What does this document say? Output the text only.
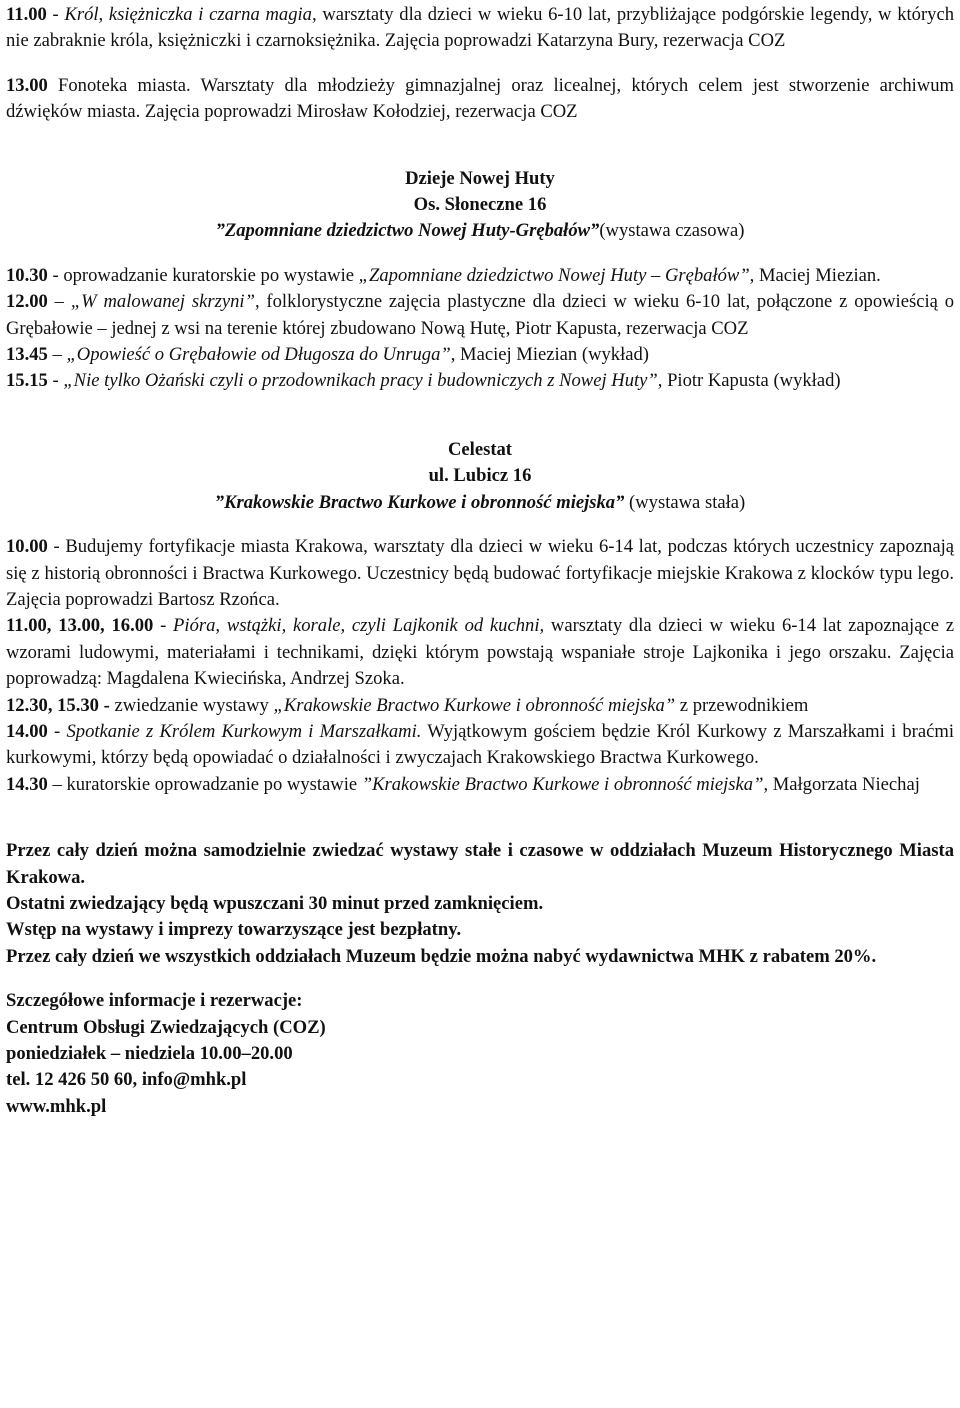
11.00 - Król, księżniczka i czarna magia, warsztaty dla dzieci w wieku 6-10 lat, przybliżające podgórskie legendy, w których nie zabraknie króla, księżniczki i czarnoksiężnika. Zajęcia poprowadzi Katarzyna Bury, rezerwacja COZ

13.00 Fonoteka miasta. Warsztaty dla młodzieży gimnazjalnej oraz licealnej, których celem jest stworzenie archiwum dźwięków miasta. Zajęcia poprowadzi Mirosław Kołodziej, rezerwacja COZ

Dzieje Nowej Huty

Os. Słoneczne 16

”Zapomniane dziedzictwo Nowej Huty-Grębałów”(wystawa czasowa)

10.30 - oprowadzanie kuratorskie po wystawie „Zapomniane dziedzictwo Nowej Huty – Grębałów”, Maciej Miezian.

12.00 – „W malowanej skrzyni”, folklorystyczne zajęcia plastyczne dla dzieci w wieku 6-10 lat, połączone z opowieścią o Grębałowie – jednej z wsi na terenie której zbudowano Nową Hutę, Piotr Kapusta, rezerwacja COZ

13.45 – „Opowieść o Grębałowie od Długosza do Unruga”, Maciej Miezian (wykład)

15.15 - „Nie tylko Ożański czyli o przodownikach pracy i budowniczych z Nowej Huty”, Piotr Kapusta (wykład)

Celestat

ul. Lubicz 16

”Krakowskie Bractwo Kurkowe i obronność miejska” (wystawa stała)

10.00 - Budujemy fortyfikacje miasta Krakowa, warsztaty dla dzieci w wieku 6-14 lat, podczas których uczestnicy zapoznają się z historią obronności i Bractwa Kurkowego. Uczestnicy będą budować fortyfikacje miejskie Krakowa z klocków typu lego. Zajęcia poprowadzi Bartosz Rzońca.

11.00, 13.00, 16.00 - Pióra, wstążki, korale, czyli Lajkonik od kuchni, warsztaty dla dzieci w wieku 6-14 lat zapoznające z wzorami ludowymi, materiałami i technikami, dzięki którym powstają wspaniałe stroje Lajkonika i jego orszaku. Zajęcia poprowadzą: Magdalena Kwiecińska, Andrzej Szoka.

12.30, 15.30 - zwiedzanie wystawy „Krakowskie Bractwo Kurkowe i obronność miejska” z przewodnikiem

14.00 - Spotkanie z Królem Kurkowym i Marszałkami. Wyjątkowym gościem będzie Król Kurkowy z Marszałkami i braćmi kurkowymi, którzy będą opowiadać o działalności i zwyczajach Krakowskiego Bractwa Kurkowego.

14.30 – kuratorskie oprowadzanie po wystawie ”Krakowskie Bractwo Kurkowe i obronność miejska”, Małgorzata Niechaj

Przez cały dzień można samodzielnie zwiedzać wystawy stałe i czasowe w oddziałach Muzeum Historycznego Miasta Krakowa.

Ostatni zwiedzający będą wpuszczani 30 minut przed zamknięciem.

Wstęp na wystawy i imprezy towarzyszące jest bezpłatny.

Przez cały dzień we wszystkich oddziałach Muzeum będzie można nabyć wydawnictwa MHK z rabatem 20%.

Szczegółowe informacje i rezerwacje:

Centrum Obsługi Zwiedzających (COZ)

poniedziałek – niedziela 10.00–20.00

tel. 12 426 50 60, info@mhk.pl

www.mhk.pl
